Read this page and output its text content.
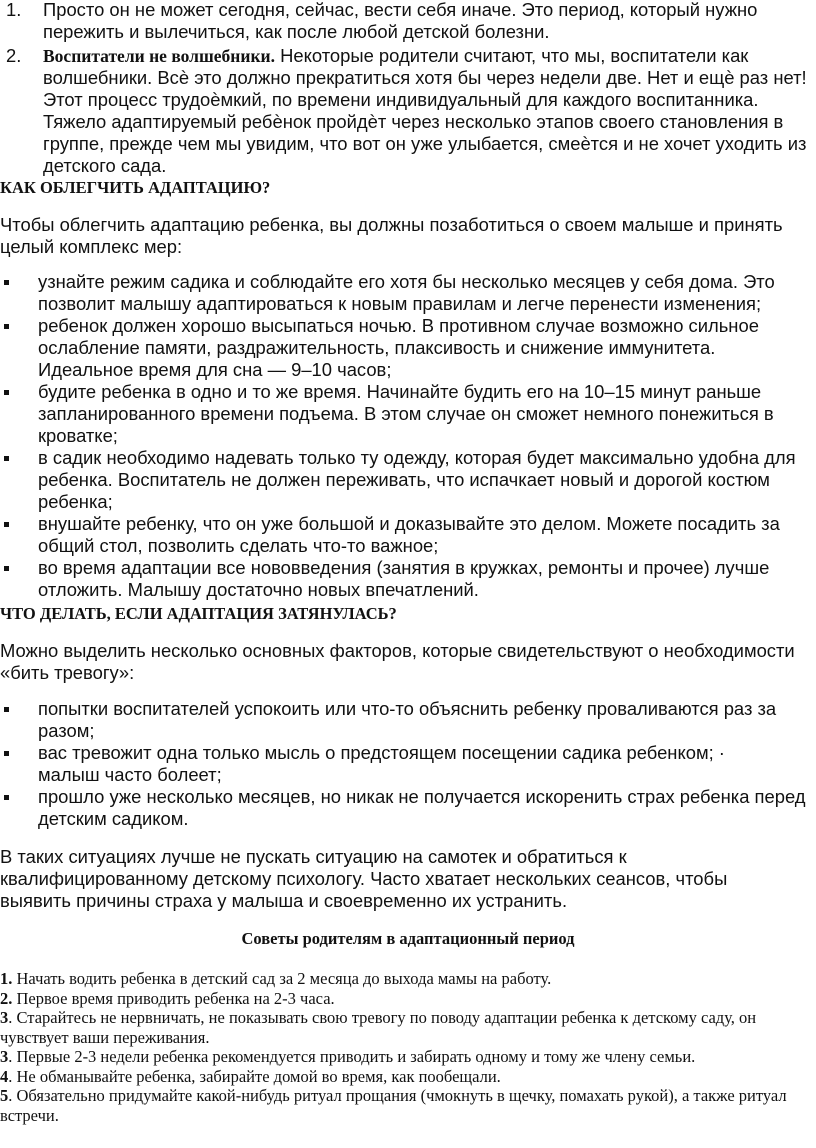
1. Просто он не может сегодня, сейчас, вести себя иначе. Это период, который нужно пережить и вылечиться, как после любой детской болезни.
2. Воспитатели не волшебники. Некоторые родители считают, что мы, воспитатели как волшебники. Всѐ это должно прекратиться хотя бы через недели две. Нет и ещѐ раз нет! Этот процесс трудоѐмкий, по времени индивидуальный для каждого воспитанника. Тяжело адаптируемый ребѐнок пройдѐт через несколько этапов своего становления в группе, прежде чем мы увидим, что вот он уже улыбается, смеѐтся и не хочет уходить из детского сада.
КАК ОБЛЕГЧИТЬ АДАПТАЦИЮ?

Чтобы облегчить адаптацию ребенка, вы должны позаботиться о своем малыше и принять целый комплекс мер:

узнайте режим садика и соблюдайте его хотя бы несколько месяцев у себя дома. Это позволит малышу адаптироваться к новым правилам и легче перенести изменения;
ребенок должен хорошо высыпаться ночью. В противном случае возможно сильное ослабление памяти, раздражительность, плаксивость и снижение иммунитета. Идеальное время для сна — 9–10 часов;
будите ребенка в одно и то же время. Начинайте будить его на 10–15 минут раньше запланированного времени подъема. В этом случае он сможет немного понежиться в кроватке;
в садик необходимо надевать только ту одежду, которая будет максимально удобна для ребенка. Воспитатель не должен переживать, что испачкает новый и дорогой костюм ребенка;
внушайте ребенку, что он уже большой и доказывайте это делом. Можете посадить за общий стол, позволить сделать что-то важное;
во время адаптации все нововведения (занятия в кружках, ремонты и прочее) лучше отложить. Малышу достаточно новых впечатлений.
ЧТО ДЕЛАТЬ, ЕСЛИ АДАПТАЦИЯ ЗАТЯНУЛАСЬ?

Можно выделить несколько основных факторов, которые свидетельствуют о необходимости «бить тревогу»:

попытки воспитателей успокоить или что-то объяснить ребенку проваливаются раз за разом;
вас тревожит одна только мысль о предстоящем посещении садика ребенком; ·         малыш часто болеет;
прошло уже несколько месяцев, но никак не получается искоренить страх ребенка перед детским садиком.

В таких ситуациях лучше не пускать ситуацию на самотек и обратиться к квалифицированному детскому психологу. Часто хватает нескольких сеансов, чтобы выявить причины страха у малыша и своевременно их устранить.

Советы родителям в адаптационный период
1. Начать водить ребенка в детский сад за 2 месяца до выхода мамы на работу.
2. Первое время приводить ребенка на 2-3 часа.
3. Старайтесь не нервничать, не показывать свою тревогу по поводу адаптации ребенка к детскому саду, он чувствует ваши переживания.
3. Первые 2-3 недели ребенка рекомендуется приводить и забирать одному и тому же члену семьи.
4. Не обманывайте ребенка, забирайте домой во время, как пообещали.
5. Обязательно придумайте какой-нибудь ритуал прощания (чмокнуть в щечку, помахать рукой), а также ритуал встречи.
